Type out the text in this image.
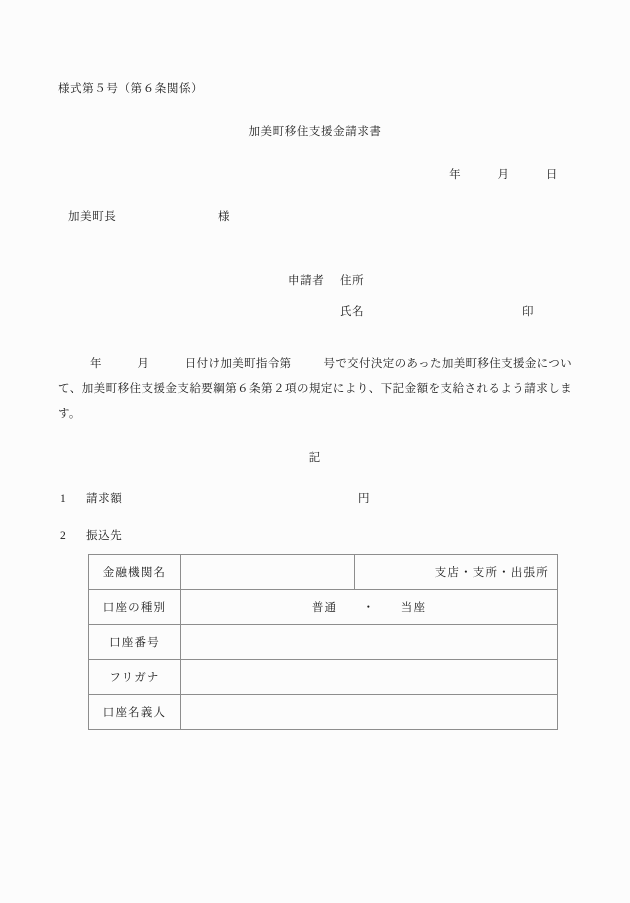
様式第５号（第６条関係）
加美町移住支援金請求書
年　　　月　　　日
加美町長	様
申請者 住所
氏名	印
年　　　月　　　日付け加美町指令第	号で交付決定のあった加美町移住支援金について、加美町移住支援金支給要綱第６条第２項の規定により、下記金額を支給されるよう請求します。
記
1 請求額	円
2 振込先
金融機関名		支店・支所・出張所
口座の種別	普通　　・　　当座	
口座番号		
フリガナ		
口座名義人		
